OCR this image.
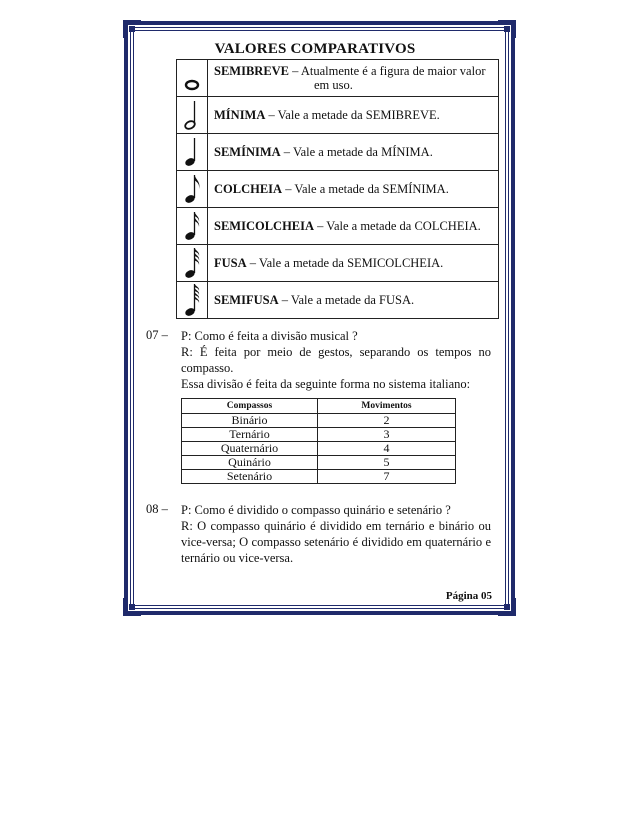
VALORES COMPARATIVOS
	SEMIBREVE – Atualmente é a figura de maior valor
em uso.

	MÍNIMA – Vale a metade da SEMIBREVE.

	SEMÍNIMA – Vale a metade da MÍNIMA.

	COLCHEIA – Vale a metade da SEMÍNIMA.

	SEMICOLCHEIA – Vale a metade da COLCHEIA.

	FUSA – Vale a metade da SEMICOLCHEIA.

	SEMIFUSA – Vale a metade da FUSA.
07 – P: Como é feita a divisão musical ?
R: É feita por meio de gestos, separando os tempos no compasso.
Essa divisão é feita da seguinte forma no sistema italiano:
Compassos	Movimentos
Binário	2
Ternário	3
Quaternário	4
Quinário	5
Setenário	7
08 – P: Como é dividido o compasso quinário e setenário ?
R: O compasso quinário é dividido em ternário e binário ou vice-versa; O compasso setenário é dividido em quaternário e ternário ou vice-versa.
Página 05
